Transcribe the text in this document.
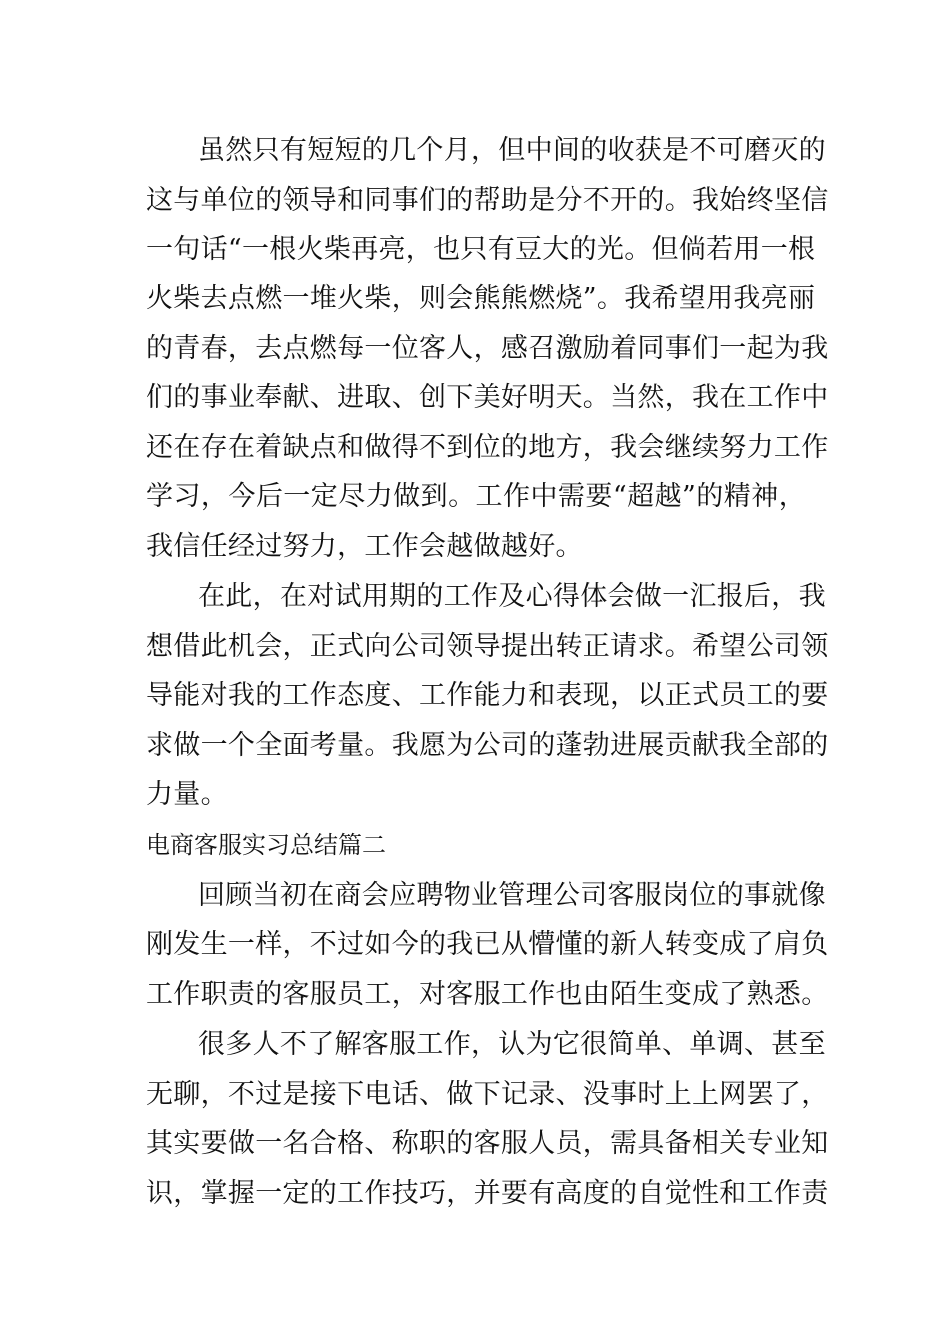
虽然只有短短的几个月，但中间的收获是不可磨灭的
这与单位的领导和同事们的帮助是分不开的。我始终坚信
一句话“一根火柴再亮，也只有豆大的光。但倘若用一根
火柴去点燃一堆火柴，则会熊熊燃烧”。我希望用我亮丽
的青春，去点燃每一位客人，感召激励着同事们一起为我
们的事业奉献、进取、创下美好明天。当然，我在工作中
还在存在着缺点和做得不到位的地方，我会继续努力工作
学习，今后一定尽力做到。工作中需要“超越”的精神，
我信任经过努力，工作会越做越好。
在此，在对试用期的工作及心得体会做一汇报后，我
想借此机会，正式向公司领导提出转正请求。希望公司领
导能对我的工作态度、工作能力和表现，以正式员工的要
求做一个全面考量。我愿为公司的蓬勃进展贡献我全部的
力量。
电商客服实习总结篇二
回顾当初在商会应聘物业管理公司客服岗位的事就像
刚发生一样，不过如今的我已从懵懂的新人转变成了肩负
工作职责的客服员工，对客服工作也由陌生变成了熟悉。
很多人不了解客服工作，认为它很简单、单调、甚至
无聊，不过是接下电话、做下记录、没事时上上网罢了，
其实要做一名合格、称职的客服人员，需具备相关专业知
识，掌握一定的工作技巧，并要有高度的自觉性和工作责
